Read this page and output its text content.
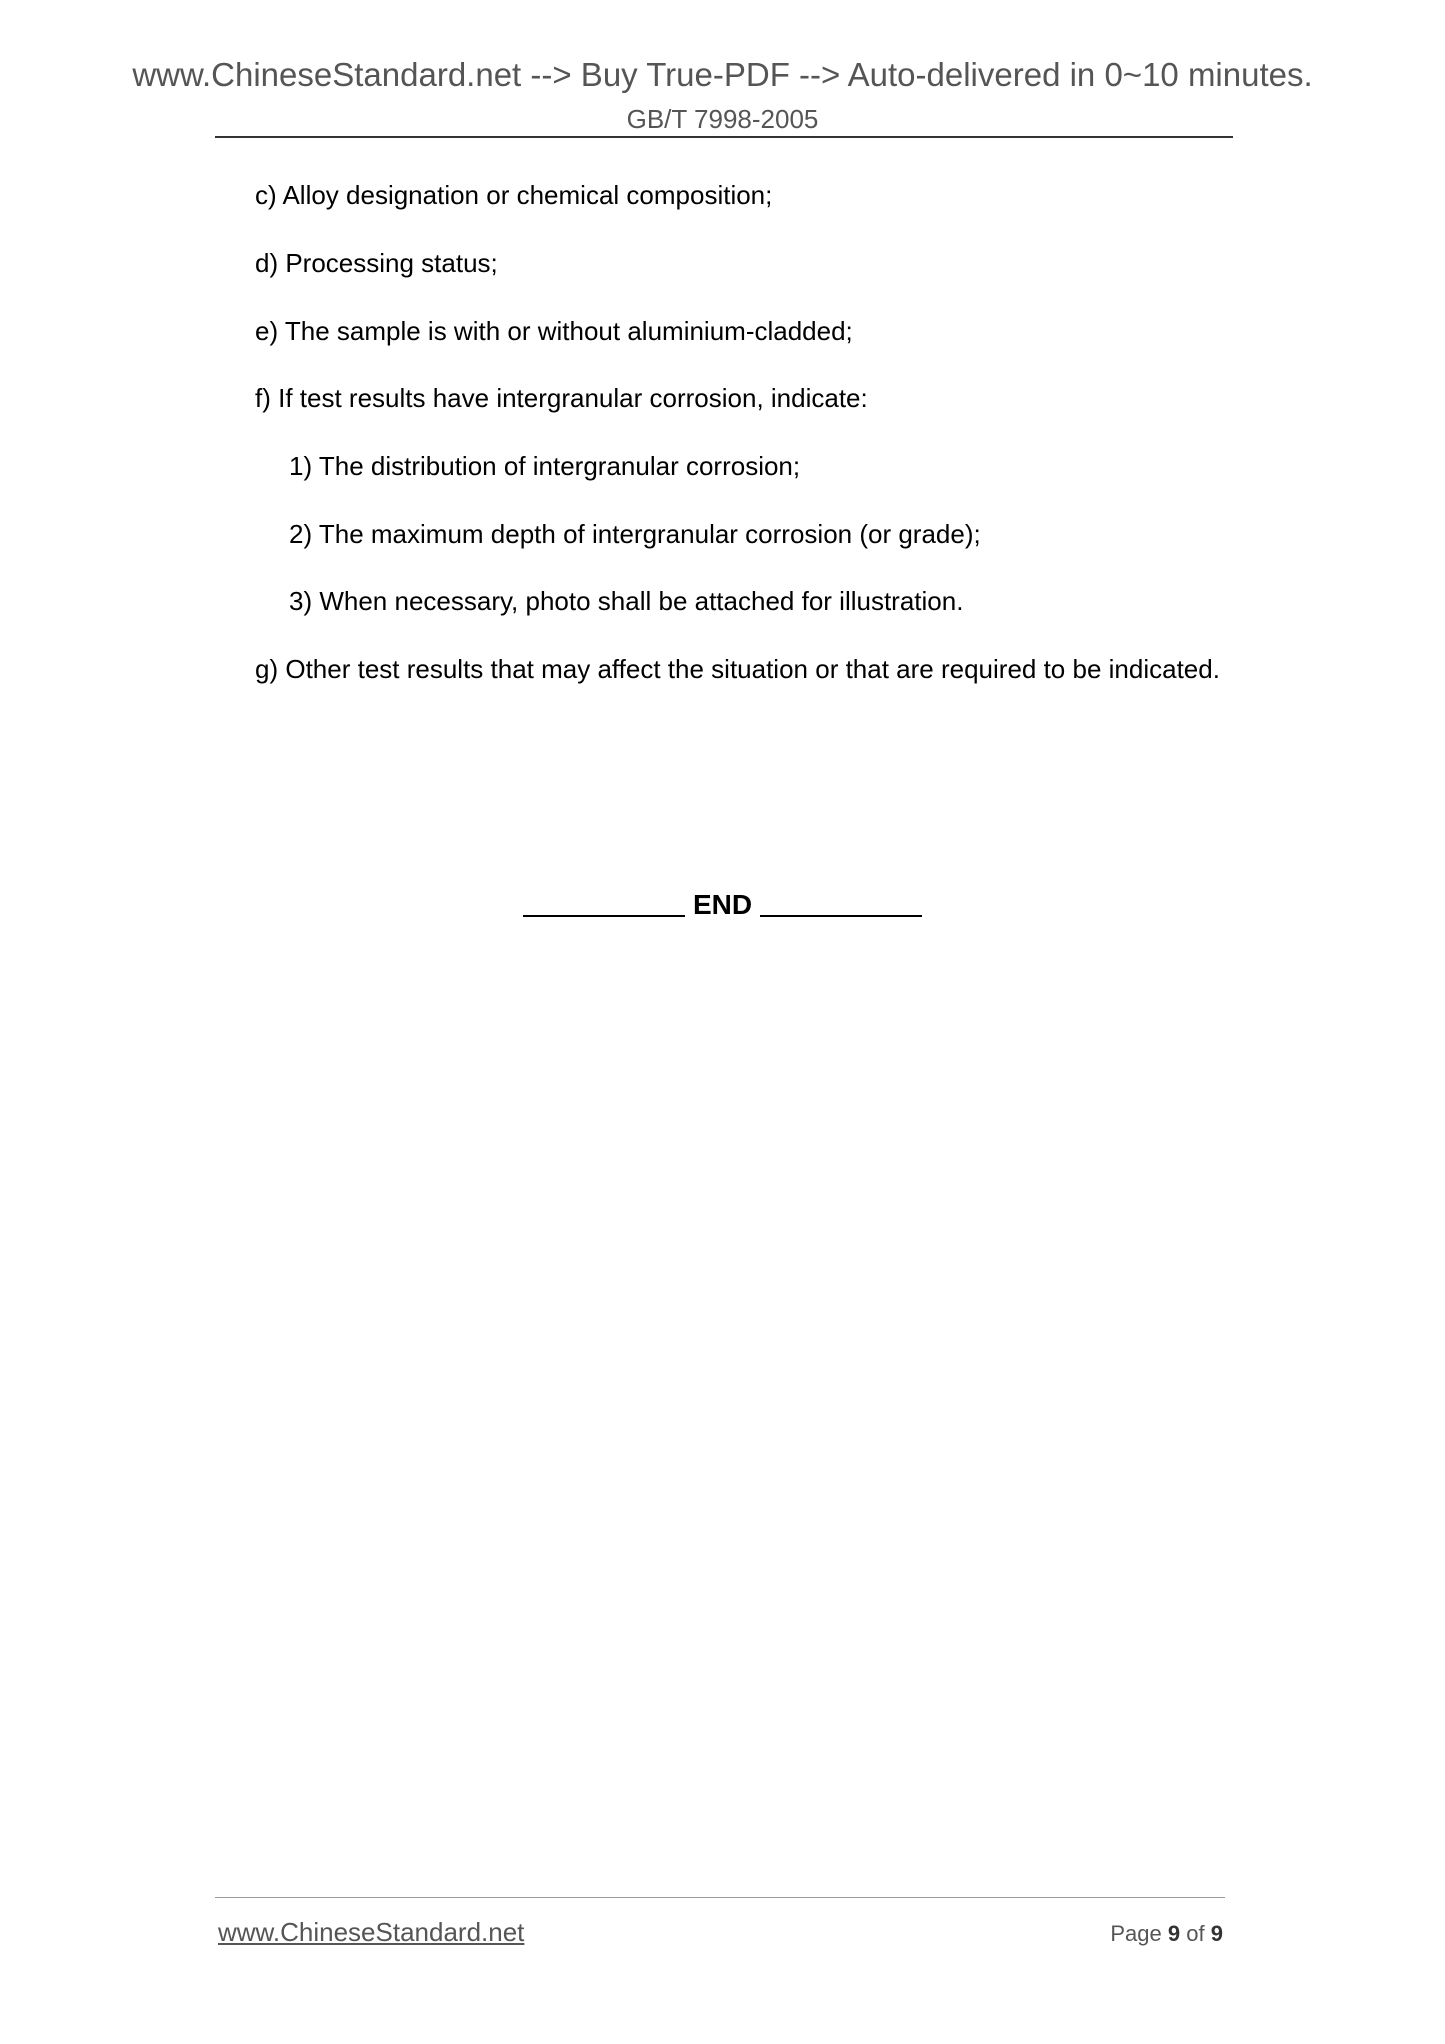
www.ChineseStandard.net --> Buy True-PDF --> Auto-delivered in 0~10 minutes.
GB/T 7998-2005
c) Alloy designation or chemical composition;
d) Processing status;
e) The sample is with or without aluminium-cladded;
f) If test results have intergranular corrosion, indicate:
1) The distribution of intergranular corrosion;
2) The maximum depth of intergranular corrosion (or grade);
3) When necessary, photo shall be attached for illustration.
g) Other test results that may affect the situation or that are required to be indicated.
END
www.ChineseStandard.net	Page 9 of 9
